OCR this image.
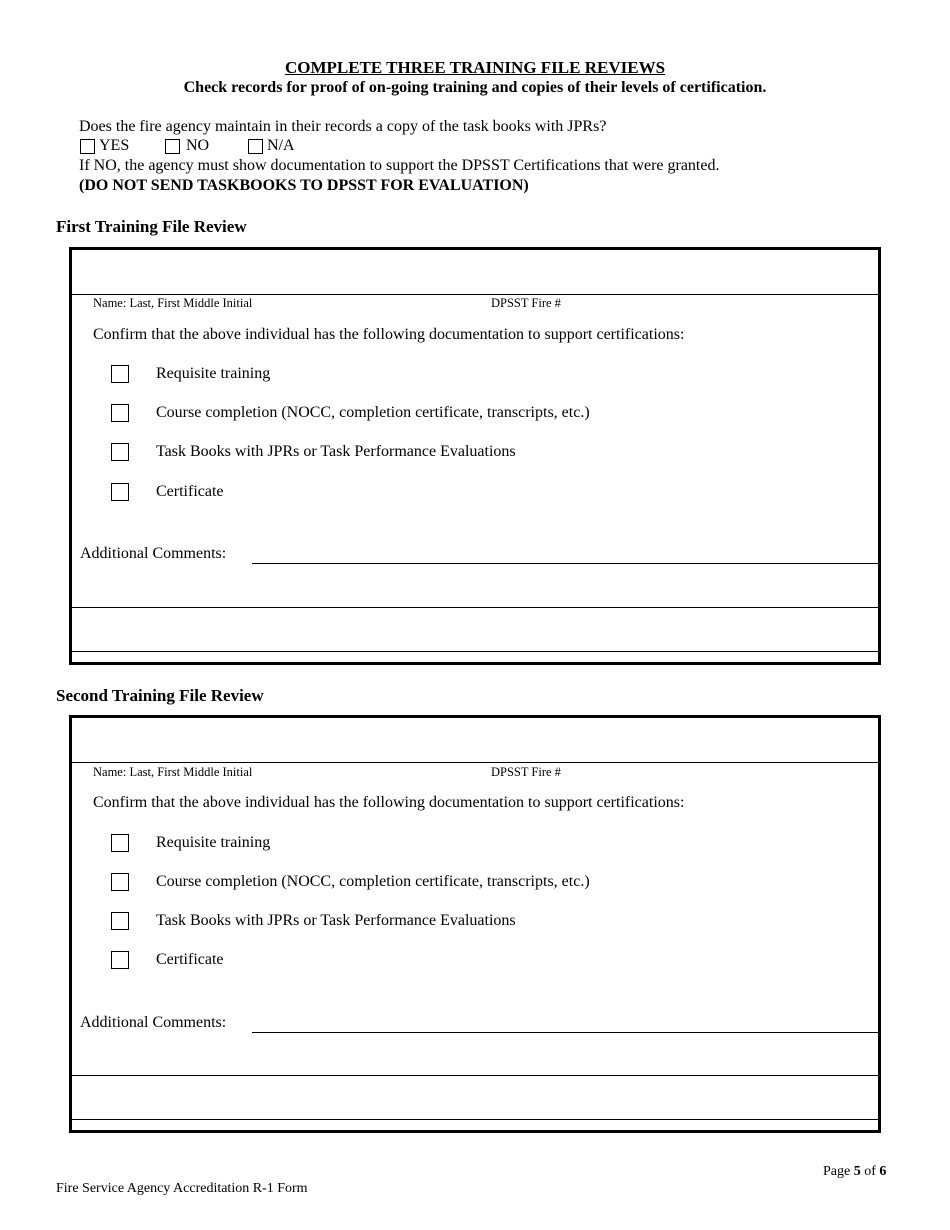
COMPLETE THREE TRAINING FILE REVIEWS
Check records for proof of on-going training and copies of their levels of certification.
Does the fire agency maintain in their records a copy of the task books with JPRs?
YES	NO	N/A
If NO, the agency must show documentation to support the DPSST Certifications that were granted.
(DO NOT SEND TASKBOOKS TO DPSST FOR EVALUATION)
First Training File Review
Name: Last, First Middle Initial	DPSST Fire #
Confirm that the above individual has the following documentation to support certifications:
Requisite training
Course completion (NOCC, completion certificate, transcripts, etc.)
Task Books with JPRs or Task Performance Evaluations
Certificate
Additional Comments:
Second Training File Review
Name: Last, First Middle Initial	DPSST Fire #
Confirm that the above individual has the following documentation to support certifications:
Requisite training
Course completion (NOCC, completion certificate, transcripts, etc.)
Task Books with JPRs or Task Performance Evaluations
Certificate
Additional Comments:
Page 5 of 6
Fire Service Agency Accreditation R-1 Form
